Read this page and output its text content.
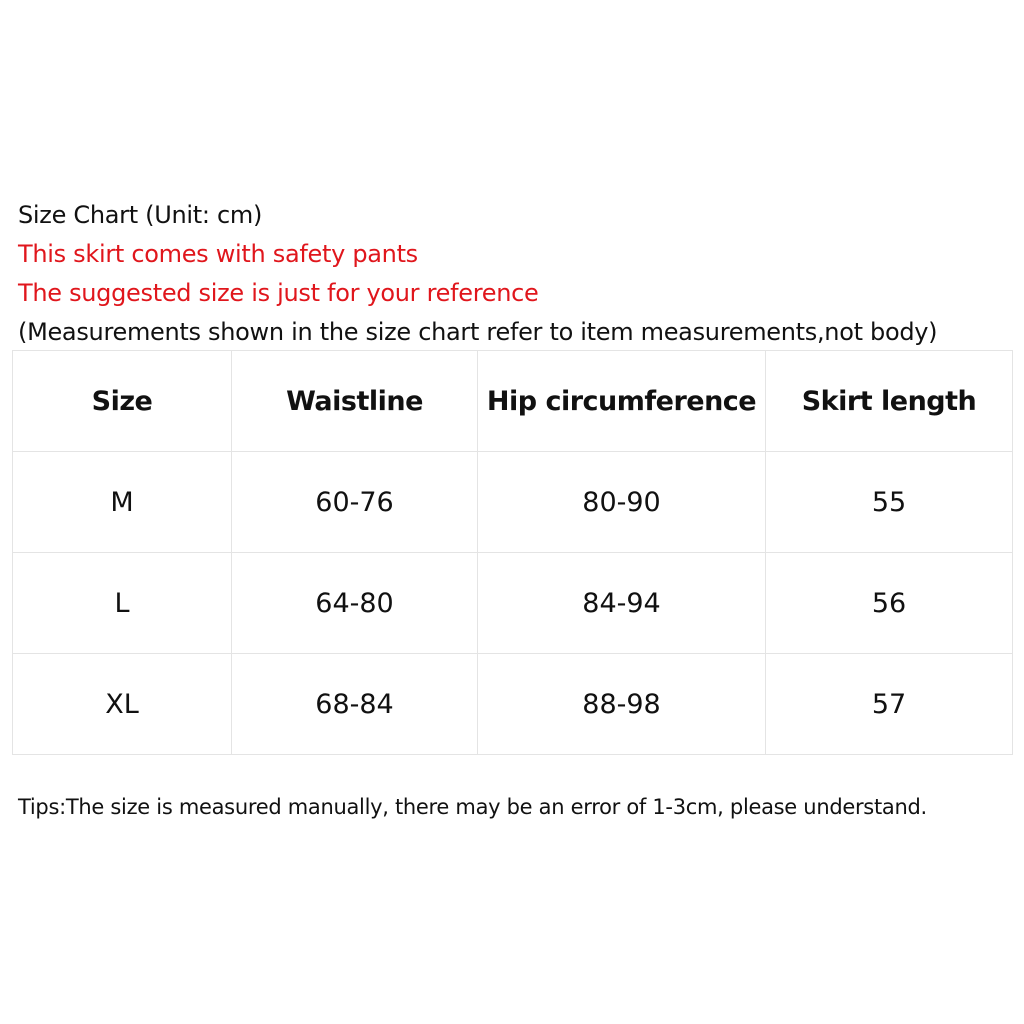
Size Chart (Unit: cm)
This skirt comes with safety pants
The suggested size is just for your reference
(Measurements shown in the size chart refer to item measurements,not body)
Size	Waistline	Hip circumference	Skirt length
M	60-76	80-90	55
L	64-80	84-94	56
XL	68-84	88-98	57
Tips:The size is measured manually, there may be an error of 1-3cm, please understand.
